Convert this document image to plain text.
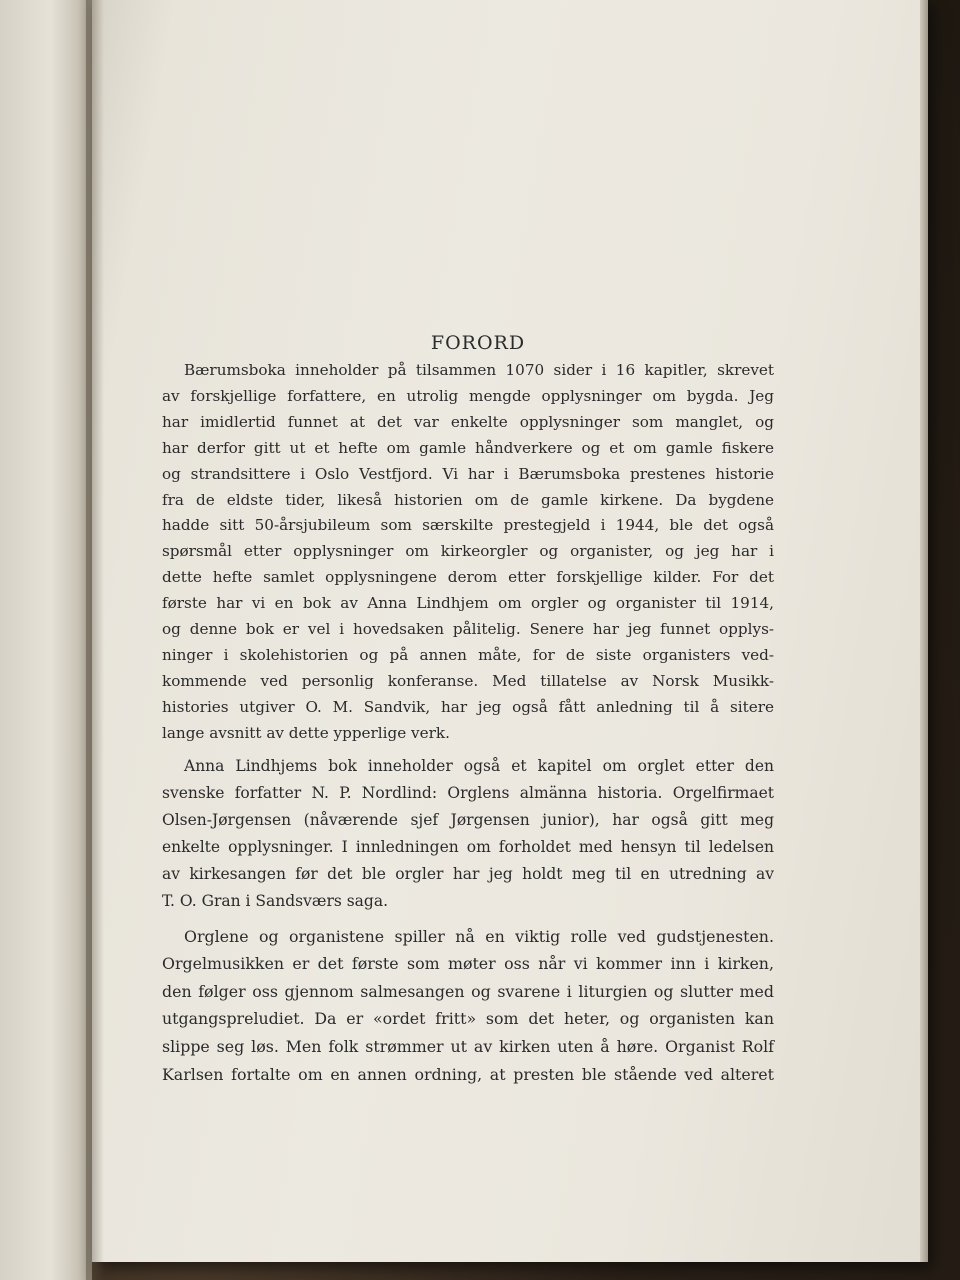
FORORD
Bærumsboka inneholder på tilsammen 1070 sider i 16 kapitler, skrevet
av forskjellige forfattere, en utrolig mengde opplysninger om bygda. Jeg
har imidlertid funnet at det var enkelte opplysninger som manglet, og
har derfor gitt ut et hefte om gamle håndverkere og et om gamle fiskere
og strandsittere i Oslo Vestfjord. Vi har i Bærumsboka prestenes historie
fra de eldste tider, likeså historien om de gamle kirkene. Da bygdene
hadde sitt 50-årsjubileum som særskilte prestegjeld i 1944, ble det også
spørsmål etter opplysninger om kirkeorgler og organister, og jeg har i
dette hefte samlet opplysningene derom etter forskjellige kilder. For det
første har vi en bok av Anna Lindhjem om orgler og organister til 1914,
og denne bok er vel i hovedsaken pålitelig. Senere har jeg funnet opplys-
ninger i skolehistorien og på annen måte, for de siste organisters ved-
kommende ved personlig konferanse. Med tillatelse av Norsk Musikk-
histories utgiver O. M. Sandvik, har jeg også fått anledning til å sitere
lange avsnitt av dette ypperlige verk.
Anna Lindhjems bok inneholder også et kapitel om orglet etter den
svenske forfatter N. P. Nordlind: Orglens almänna historia. Orgelfirmaet
Olsen-Jørgensen (nåværende sjef Jørgensen junior), har også gitt meg
enkelte opplysninger. I innledningen om forholdet med hensyn til ledelsen
av kirkesangen før det ble orgler har jeg holdt meg til en utredning av
T. O. Gran i Sandsværs saga.
Orglene og organistene spiller nå en viktig rolle ved gudstjenesten.
Orgelmusikken er det første som møter oss når vi kommer inn i kirken,
den følger oss gjennom salmesangen og svarene i liturgien og slutter med
utgangspreludiet. Da er «ordet fritt» som det heter, og organisten kan
slippe seg løs. Men folk strømmer ut av kirken uten å høre. Organist Rolf
Karlsen fortalte om en annen ordning, at presten ble stående ved alteret
